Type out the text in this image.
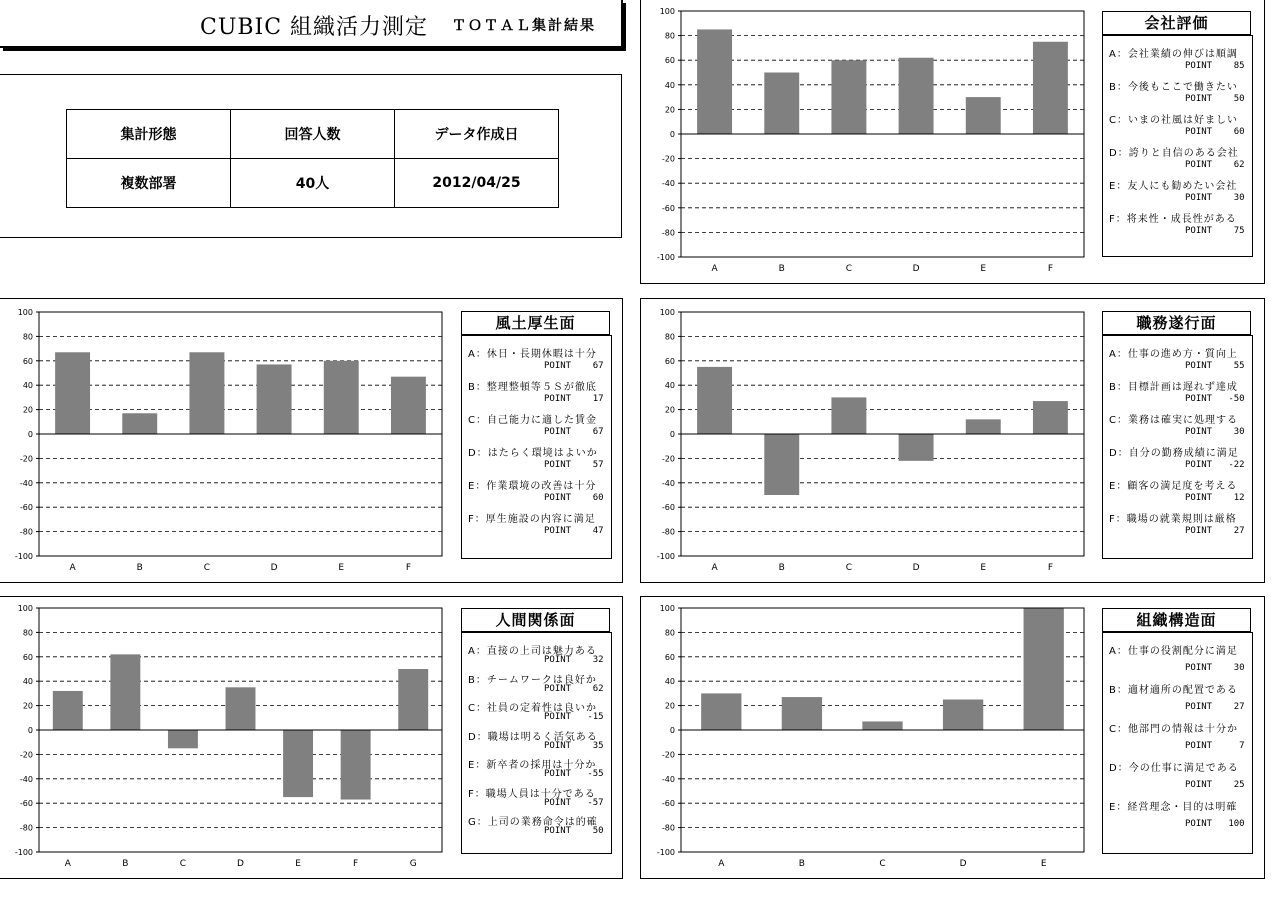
CUBIC 組織活力測定 ＴＯＴＡＬ集計結果
集計形態	回答人数	データ作成日
複数部署	40人	2012/04/25
100
80
60
40
20
0
-20
-40
-60
-80
-100
A	B	C	D	E	F
会社評価
A：会社業績の伸びは順調
POINT    85
B：今後もここで働きたい
POINT    50
C：いまの社風は好ましい
POINT    60
D：誇りと自信のある会社
POINT    62
E：友人にも勧めたい会社
POINT    30
F：将来性・成長性がある
POINT    75
100
80
60
40
20
0
-20
-40
-60
-80
-100
A	B	C	D	E	F
風土厚生面
A：休日・長期休暇は十分
POINT    67
B：整理整頓等５Ｓが徹底
POINT    17
C：自己能力に適した賃金
POINT    67
D：はたらく環境はよいか
POINT    57
E：作業環境の改善は十分
POINT    60
F：厚生施設の内容に満足
POINT    47
100
80
60
40
20
0
-20
-40
-60
-80
-100
A	B	C	D	E	F
職務遂行面
A：仕事の進め方・質向上
POINT    55
B：目標計画は遅れず達成
POINT   -50
C：業務は確実に処理する
POINT    30
D：自分の勤務成績に満足
POINT   -22
E：顧客の満足度を考える
POINT    12
F：職場の就業規則は厳格
POINT    27
100
80
60
40
20
0
-20
-40
-60
-80
-100
A	B	C	D	E	F	G
人間関係面
A：直接の上司は魅力ある
POINT    32
B：チームワークは良好か
POINT    62
C：社員の定着性は良いか
POINT   -15
D：職場は明るく活気ある
POINT    35
E：新卒者の採用は十分か
POINT   -55
F：職場人員は十分である
POINT   -57
G：上司の業務命令は的確
POINT    50
100
80
60
40
20
0
-20
-40
-60
-80
-100
A	B	C	D	E
組織構造面
A：仕事の役割配分に満足
POINT    30
B：適材適所の配置である
POINT    27
C：他部門の情報は十分か
POINT     7
D：今の仕事に満足である
POINT    25
E：経営理念・目的は明確
POINT   100
